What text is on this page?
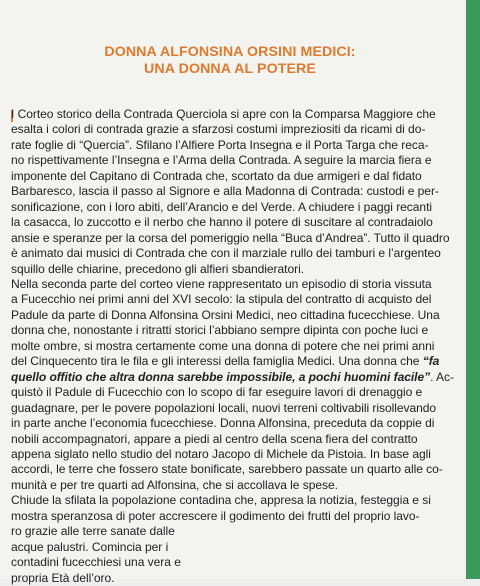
DONNA ALFONSINA ORSINI MEDICI:
UNA DONNA AL POTERE

I Corteo storico della Contrada Querciola si apre con la Comparsa Maggiore che
esalta i colori di contrada grazie a sfarzosi costumi impreziositi da ricami di do-
rate foglie di “Quercia”. Sfilano l’Alfiere Porta Insegna e il Porta Targa che reca-
no rispettivamente l’Insegna e l’Arma della Contrada. A seguire la marcia fiera e
imponente del Capitano di Contrada che, scortato da due armigeri e dal fidato
Barbaresco, lascia il passo al Signore e alla Madonna di Contrada: custodi e per-
sonificazione, con i loro abiti, dell’Arancio e del Verde. A chiudere i paggi recanti
la casacca, lo zuccotto e il nerbo che hanno il potere di suscitare al contradaiolo
ansie e speranze per la corsa del pomeriggio nella “Buca d’Andrea”. Tutto il quadro
è animato dai musici di Contrada che con il marziale rullo dei tamburi e l’argenteo
squillo delle chiarine, precedono gli alfieri sbandieratori.

Nella seconda parte del corteo viene rappresentato un episodio di storia vissuta
a Fucecchio nei primi anni del XVI secolo: la stipula del contratto di acquisto del
Padule da parte di Donna Alfonsina Orsini Medici, neo cittadina fucecchiese. Una
donna che, nonostante i ritratti storici l’abbiano sempre dipinta con poche luci e
molte ombre, si mostra certamente come una donna di potere che nei primi anni
del Cinquecento tira le fila e gli interessi della famiglia Medici. Una donna che “fa
quello offitio che altra donna sarebbe impossibile, a pochi huomini facile”. Ac-
quistò il Padule di Fucecchio con lo scopo di far eseguire lavori di drenaggio e
guadagnare, per le povere popolazioni locali, nuovi terreni coltivabili risollevando
in parte anche l’economia fucecchiese. Donna Alfonsina, preceduta da coppie di
nobili accompagnatori, appare a piedi al centro della scena fiera del contratto
appena siglato nello studio del notaro Jacopo di Michele da Pistoia. In base agli
accordi, le terre che fossero state bonificate, sarebbero passate un quarto alle co-
munità e per tre quarti ad Alfonsina, che si accollava le spese.

Chiude la sfilata la popolazione contadina che, appresa la notizia, festeggia e si
mostra speranzosa di poter accrescere il godimento dei frutti del proprio lavo-
ro grazie alle terre sanate dalle
acque palustri. Comincia per i
contadini fucecchiesi una vera e
propria Età dell’oro.
